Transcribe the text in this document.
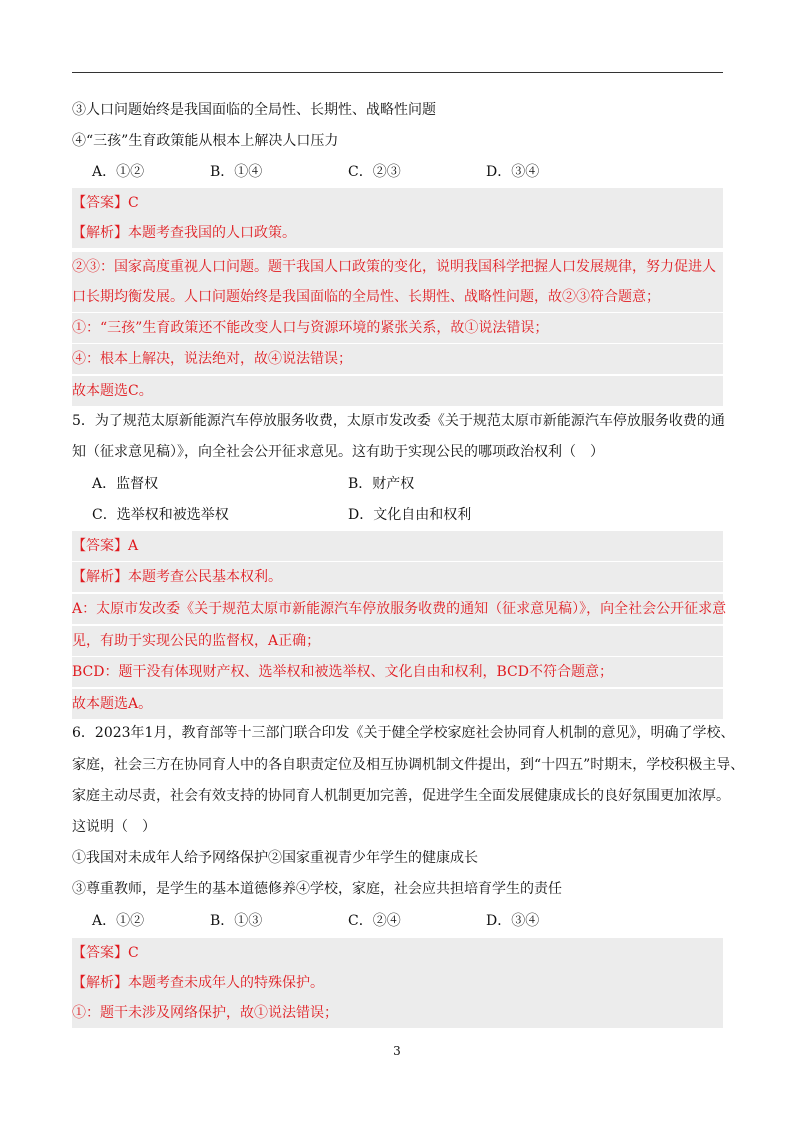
③人口问题始终是我国面临的全局性、长期性、战略性问题
④“三孩”生育政策能从根本上解决人口压力
A．①②	B．①④	C．②③	D．③④
【答案】C
【解析】本题考查我国的人口政策。
②③：国家高度重视人口问题。题干我国人口政策的变化，说明我国科学把握人口发展规律，努力促进人
口长期均衡发展。人口问题始终是我国面临的全局性、长期性、战略性问题，故②③符合题意；
①：“三孩”生育政策还不能改变人口与资源环境的紧张关系，故①说法错误；
④：根本上解决，说法绝对，故④说法错误；
故本题选C。
5．为了规范太原新能源汽车停放服务收费，太原市发改委《关于规范太原市新能源汽车停放服务收费的通
知（征求意见稿）》，向全社会公开征求意见。这有助于实现公民的哪项政治权利（　）
A．监督权	B．财产权
C．选举权和被选举权	D．文化自由和权利
【答案】A
【解析】本题考查公民基本权利。
A：太原市发改委《关于规范太原市新能源汽车停放服务收费的通知（征求意见稿）》，向全社会公开征求意
见，有助于实现公民的监督权，A正确；
BCD：题干没有体现财产权、选举权和被选举权、文化自由和权利，BCD不符合题意；
故本题选A。
6．2023年1月，教育部等十三部门联合印发《关于健全学校家庭社会协同育人机制的意见》，明确了学校、
家庭，社会三方在协同育人中的各自职责定位及相互协调机制文件提出，到“十四五”时期末，学校积极主导、
家庭主动尽责，社会有效支持的协同育人机制更加完善，促进学生全面发展健康成长的良好氛围更加浓厚。
这说明（　）
①我国对未成年人给予网络保护②国家重视青少年学生的健康成长
③尊重教师，是学生的基本道德修养④学校，家庭，社会应共担培育学生的责任
A．①②	B．①③	C．②④	D．③④
【答案】C
【解析】本题考查未成年人的特殊保护。
①：题干未涉及网络保护，故①说法错误；
3
